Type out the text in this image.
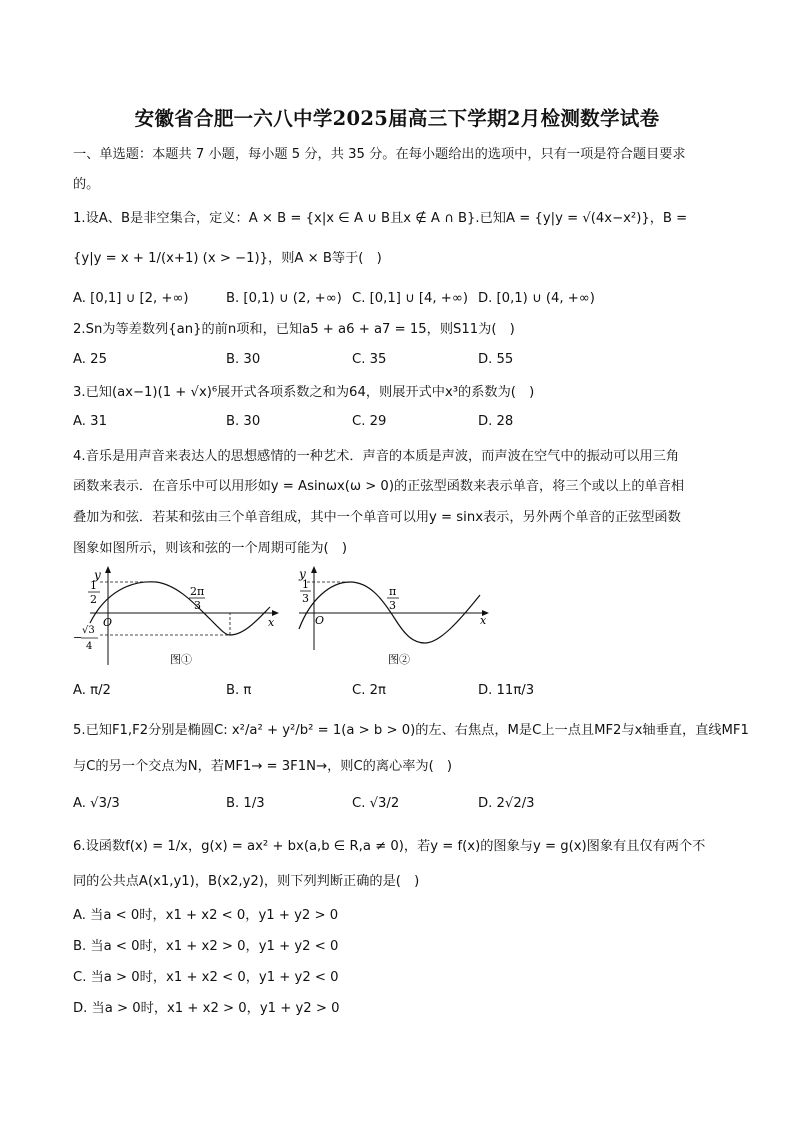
安徽省合肥一六八中学2025届高三下学期2月检测数学试卷
一、单选题：本题共 7 小题，每小题 5 分，共 35 分。在每小题给出的选项中，只有一项是符合题目要求
的。
1.设A、B是非空集合，定义：A × B = {x|x ∈ A ∪ B且x ∉ A ∩ B}.已知A = {y|y = √(4x−x²)}，B =
{y|y = x + 1/(x+1) (x > −1)}，则A × B等于(　)
A. [0,1] ∪ [2, +∞)	B. [0,1) ∪ (2, +∞) C. [0,1] ∪ [4, +∞) D. [0,1) ∪ (4, +∞)
2.Sn为等差数列{an}的前n项和，已知a5 + a6 + a7 = 15，则S11为(　)
A. 25	B. 30	C. 35	D. 55
3.已知(ax−1)(1 + √x)⁶展开式各项系数之和为64，则展开式中x³的系数为(　)
A. 31	B. 30	C. 29	D. 28
4.音乐是用声音来表达人的思想感情的一种艺术．声音的本质是声波，而声波在空气中的振动可以用三角
函数来表示．在音乐中可以用形如y = Asinωx(ω > 0)的正弦型函数来表示单音，将三个或以上的单音相
叠加为和弦．若某和弦由三个单音组成，其中一个单音可以用y = sinx表示，另外两个单音的正弦型函数
图象如图所示，则该和弦的一个周期可能为(　)
y
1
2
2π
3
O	x
−
√3
4
图①
y
1
3
π
3
O	x
图②
A. π/2	B. π	C. 2π	D. 11π/3
5.已知F1,F2分别是椭圆C: x²/a² + y²/b² = 1(a > b > 0)的左、右焦点，M是C上一点且MF2与x轴垂直，直线MF1
与C的另一个交点为N，若MF1→ = 3F1N→，则C的离心率为(　)
A. √3/3	B. 1/3	C. √3/2	D. 2√2/3
6.设函数f(x) = 1/x，g(x) = ax² + bx(a,b ∈ R,a ≠ 0)，若y = f(x)的图象与y = g(x)图象有且仅有两个不
同的公共点A(x1,y1)，B(x2,y2)，则下列判断正确的是(　)
A. 当a < 0时，x1 + x2 < 0，y1 + y2 > 0
B. 当a < 0时，x1 + x2 > 0，y1 + y2 < 0
C. 当a > 0时，x1 + x2 < 0，y1 + y2 < 0
D. 当a > 0时，x1 + x2 > 0，y1 + y2 > 0
